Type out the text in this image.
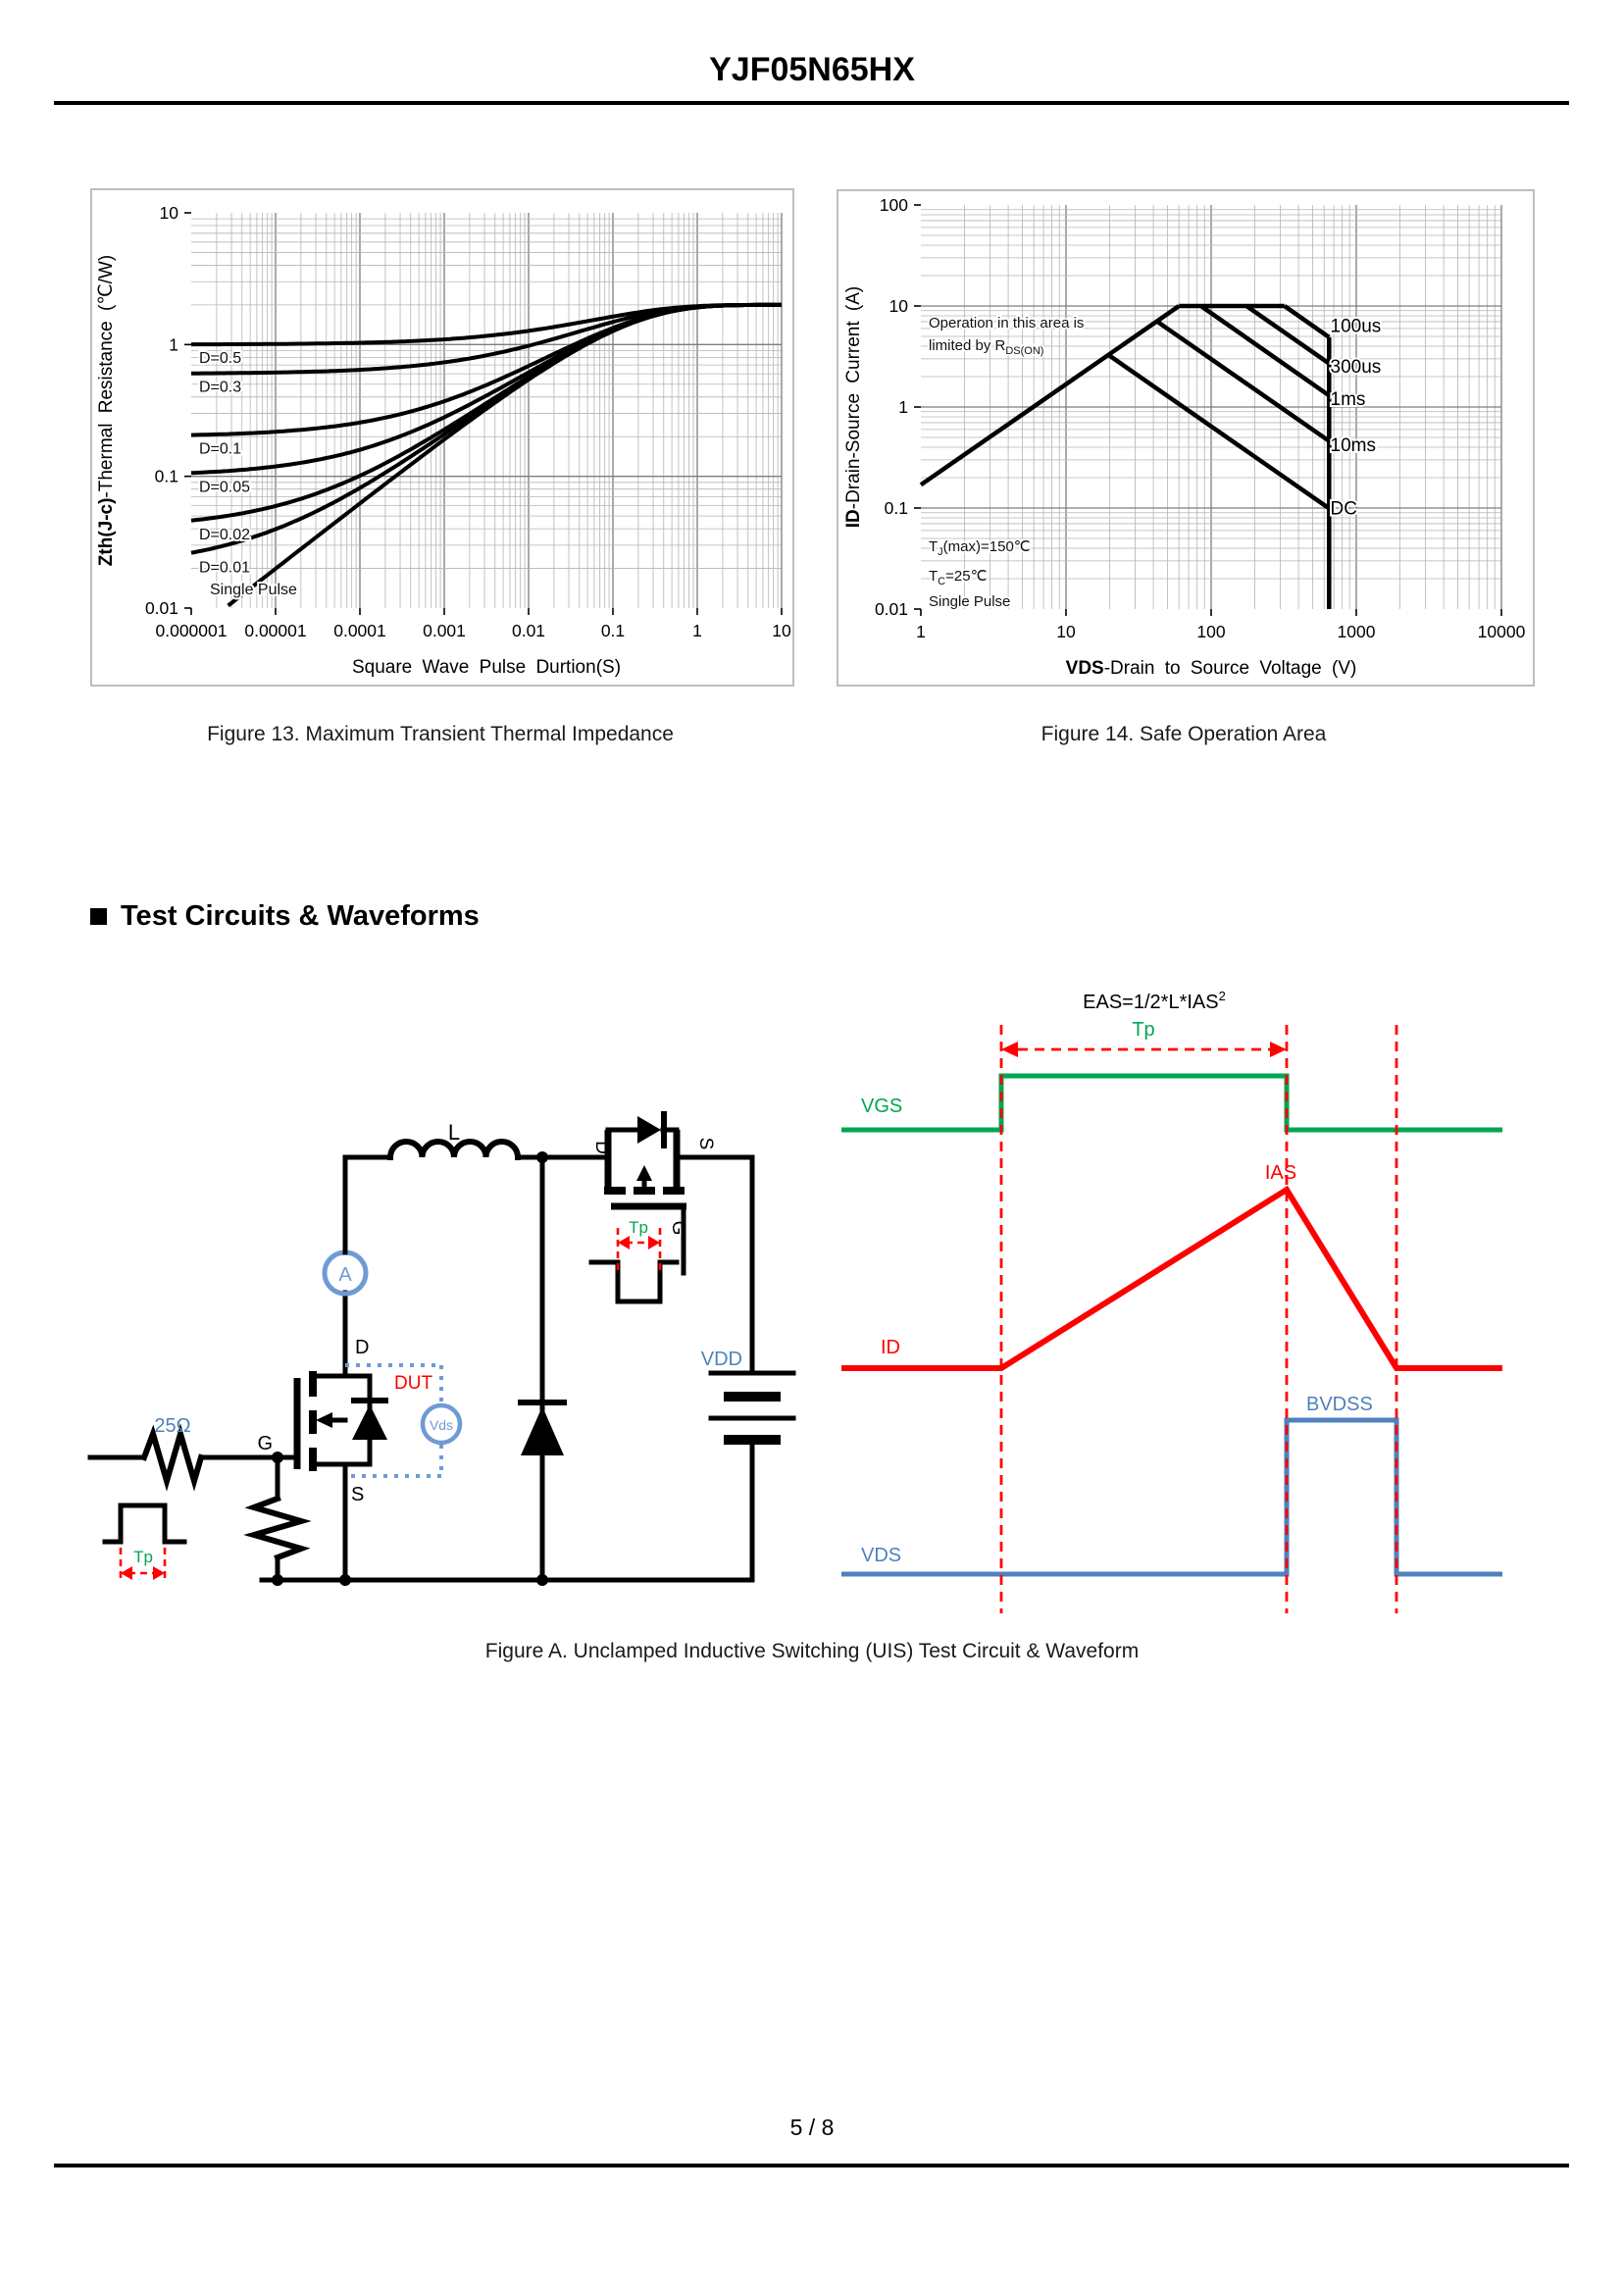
YJF05N65HX
0.000001 0.00001 0.0001 0.001	0.01	0.1	1	10
10
1
0.1
0.01
Square Wave Pulse Durtion(S)
Zth(J-c)-Thermal Resistance (℃/W)	D=0.5
D=0.3
D=0.1
D=0.05
D=0.02
D=0.01
Single Pulse
1	10	100	1000	10000
100
10
1
0.1
0.01
VDS-Drain to Source Voltage (V)
ID-Drain-Source Current (A)	100us
300us
1ms
10ms
DC
Operation in this area is
limited by $R_{DS(ON)}$
$T_J(\max)=150℃$
$T_C=25℃$
Single Pulse
Figure 13. Maximum Transient Thermal Impedance	Figure 14. Safe Operation Area
Test Circuits & Waveforms
25Ω
Tp
G
D
S
DUT
Vds
A
L
VDD
D	S
G
Tp
$EAS=1/2*L*IAS^2$
Tp
VGS
IAS
ID
BVDSS
VDS
Figure A. Unclamped Inductive Switching (UIS) Test Circuit & Waveform
5 / 8
